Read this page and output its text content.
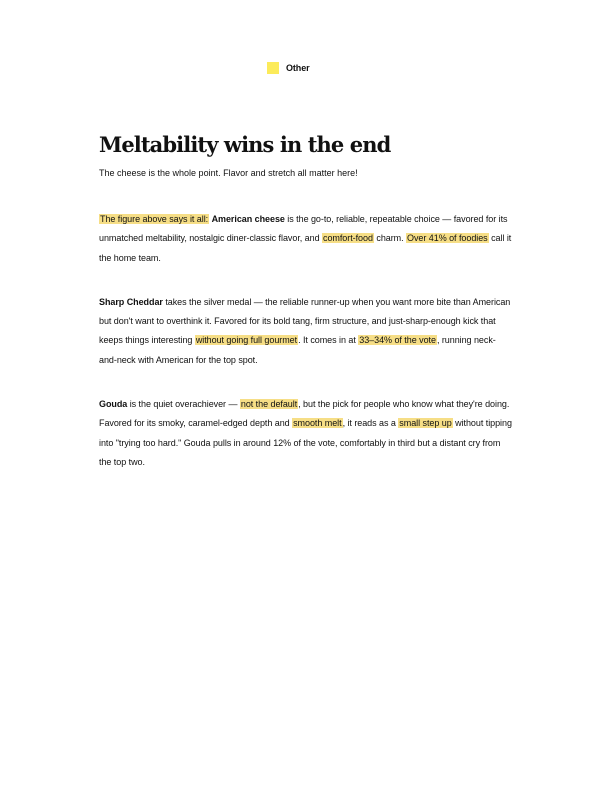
Other
Meltability wins in the end

The cheese is the whole point. Flavor and stretch all matter here!

The figure above says it all: American cheese is the go-to, reliable, repeatable choice — favored for its unmatched meltability, nostalgic diner-classic flavor, and comfort-food charm. Over 41% of foodies call it the home team.

Sharp Cheddar takes the silver medal — the reliable runner-up when you want more bite than American but don't want to overthink it. Favored for its bold tang, firm structure, and just-sharp-enough kick that keeps things interesting without going full gourmet. It comes in at 33–34% of the vote, running neck-and-neck with American for the top spot.

Gouda is the quiet overachiever — not the default, but the pick for people who know what they're doing. Favored for its smoky, caramel-edged depth and smooth melt, it reads as a small step up without tipping into "trying too hard." Gouda pulls in around 12% of the vote, comfortably in third but a distant cry from the top two.
